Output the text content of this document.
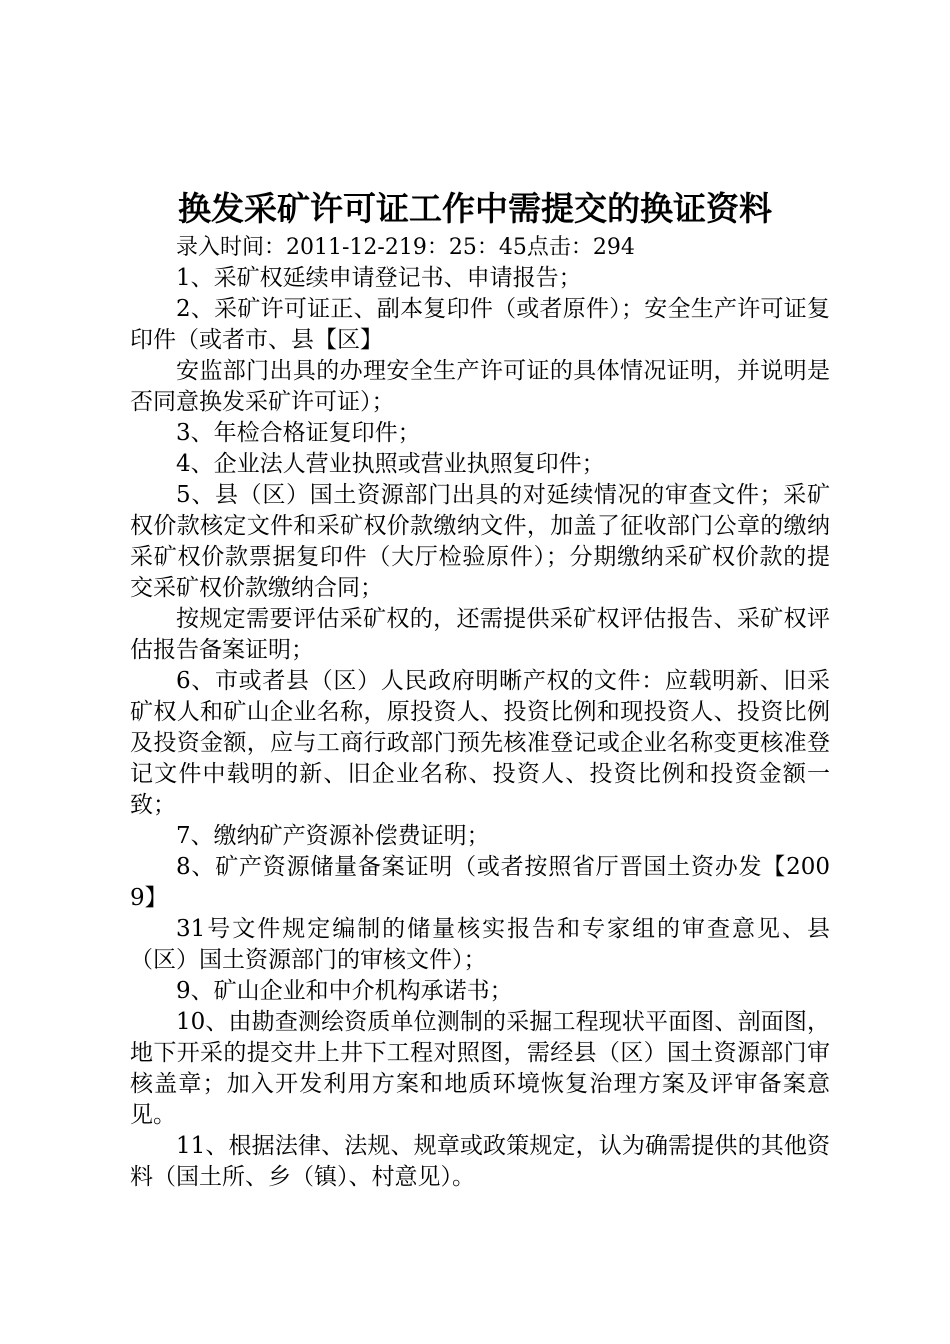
换发采矿许可证工作中需提交的换证资料

录入时间：2011-12-219：25：45点击：294

1、采矿权延续申请登记书、申请报告；

2、采矿许可证正、副本复印件（或者原件）；安全生产许可证复印件（或者市、县【区】

安监部门出具的办理安全生产许可证的具体情况证明，并说明是否同意换发采矿许可证）；

3、年检合格证复印件；

4、企业法人营业执照或营业执照复印件；

5、县（区）国土资源部门出具的对延续情况的审查文件；采矿权价款核定文件和采矿权价款缴纳文件，加盖了征收部门公章的缴纳采矿权价款票据复印件（大厅检验原件）；分期缴纳采矿权价款的提交采矿权价款缴纳合同；

按规定需要评估采矿权的，还需提供采矿权评估报告、采矿权评估报告备案证明；

6、市或者县（区）人民政府明晰产权的文件：应载明新、旧采矿权人和矿山企业名称，原投资人、投资比例和现投资人、投资比例及投资金额，应与工商行政部门预先核准登记或企业名称变更核准登记文件中载明的新、旧企业名称、投资人、投资比例和投资金额一致；

7、缴纳矿产资源补偿费证明；

8、矿产资源储量备案证明（或者按照省厅晋国土资办发【2009】

31号文件规定编制的储量核实报告和专家组的审查意见、县（区）国土资源部门的审核文件）；

9、矿山企业和中介机构承诺书；

10、由勘查测绘资质单位测制的采掘工程现状平面图、剖面图，地下开采的提交井上井下工程对照图，需经县（区）国土资源部门审核盖章；加入开发利用方案和地质环境恢复治理方案及评审备案意见。

11、根据法律、法规、规章或政策规定，认为确需提供的其他资料（国土所、乡（镇）、村意见）。
